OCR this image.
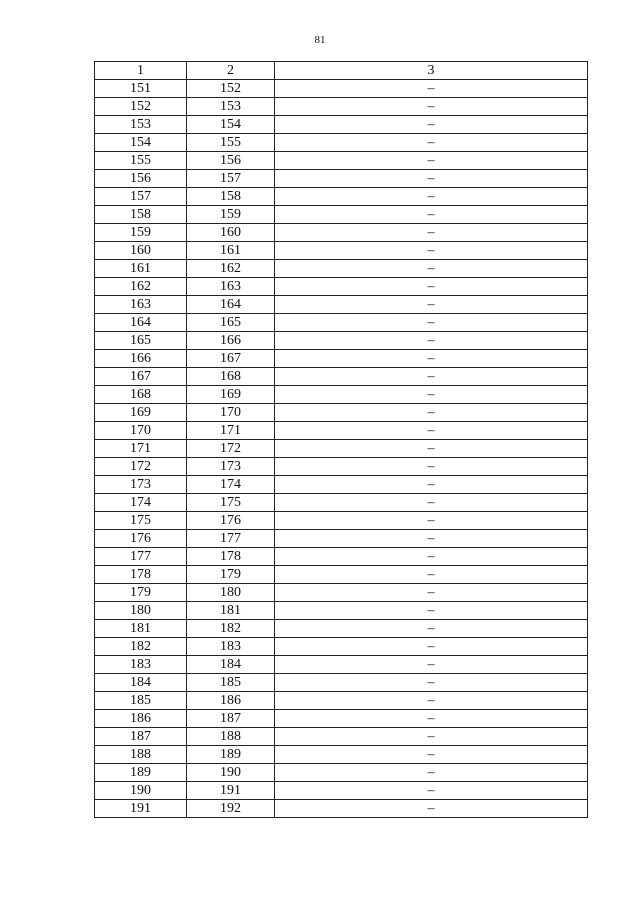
81
1	2	3
151	152	–
152	153	–
153	154	–
154	155	–
155	156	–
156	157	–
157	158	–
158	159	–
159	160	–
160	161	–
161	162	–
162	163	–
163	164	–
164	165	–
165	166	–
166	167	–
167	168	–
168	169	–
169	170	–
170	171	–
171	172	–
172	173	–
173	174	–
174	175	–
175	176	–
176	177	–
177	178	–
178	179	–
179	180	–
180	181	–
181	182	–
182	183	–
183	184	–
184	185	–
185	186	–
186	187	–
187	188	–
188	189	–
189	190	–
190	191	–
191	192	–
